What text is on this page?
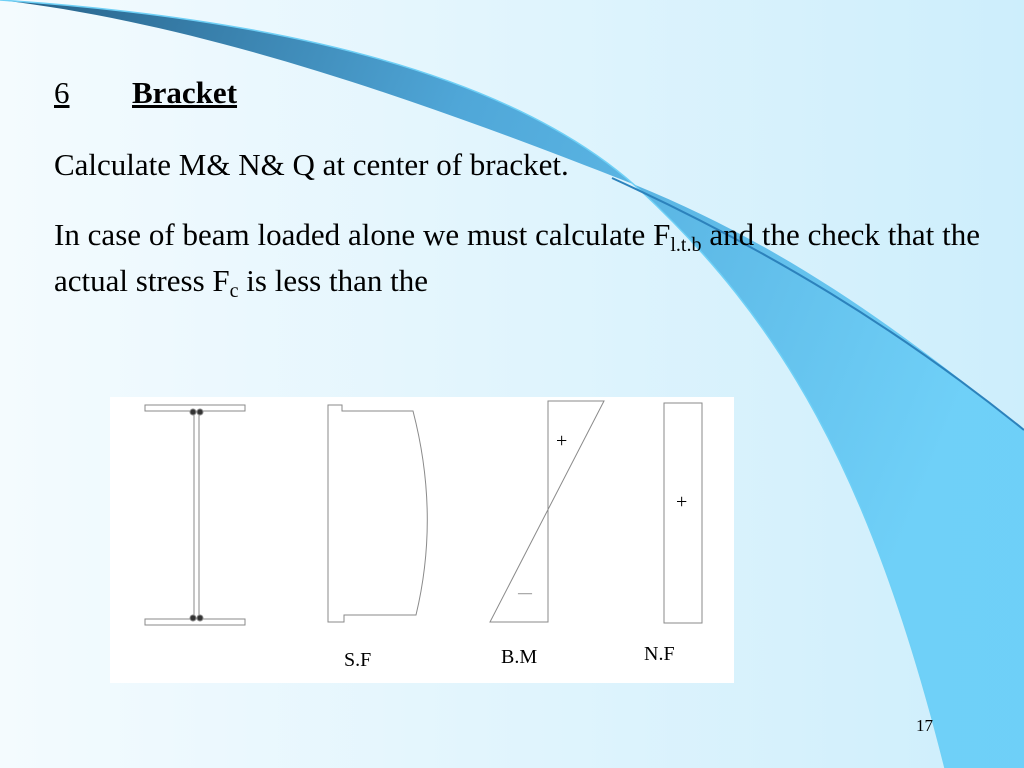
6 Bracket
Calculate M& N& Q at center of bracket.
In case of beam loaded alone we must calculate $F_{l.t.b}$ and the check that the actual stress $F_c$ is less than the
+
—
+
S.F	B.M	N.F
17
